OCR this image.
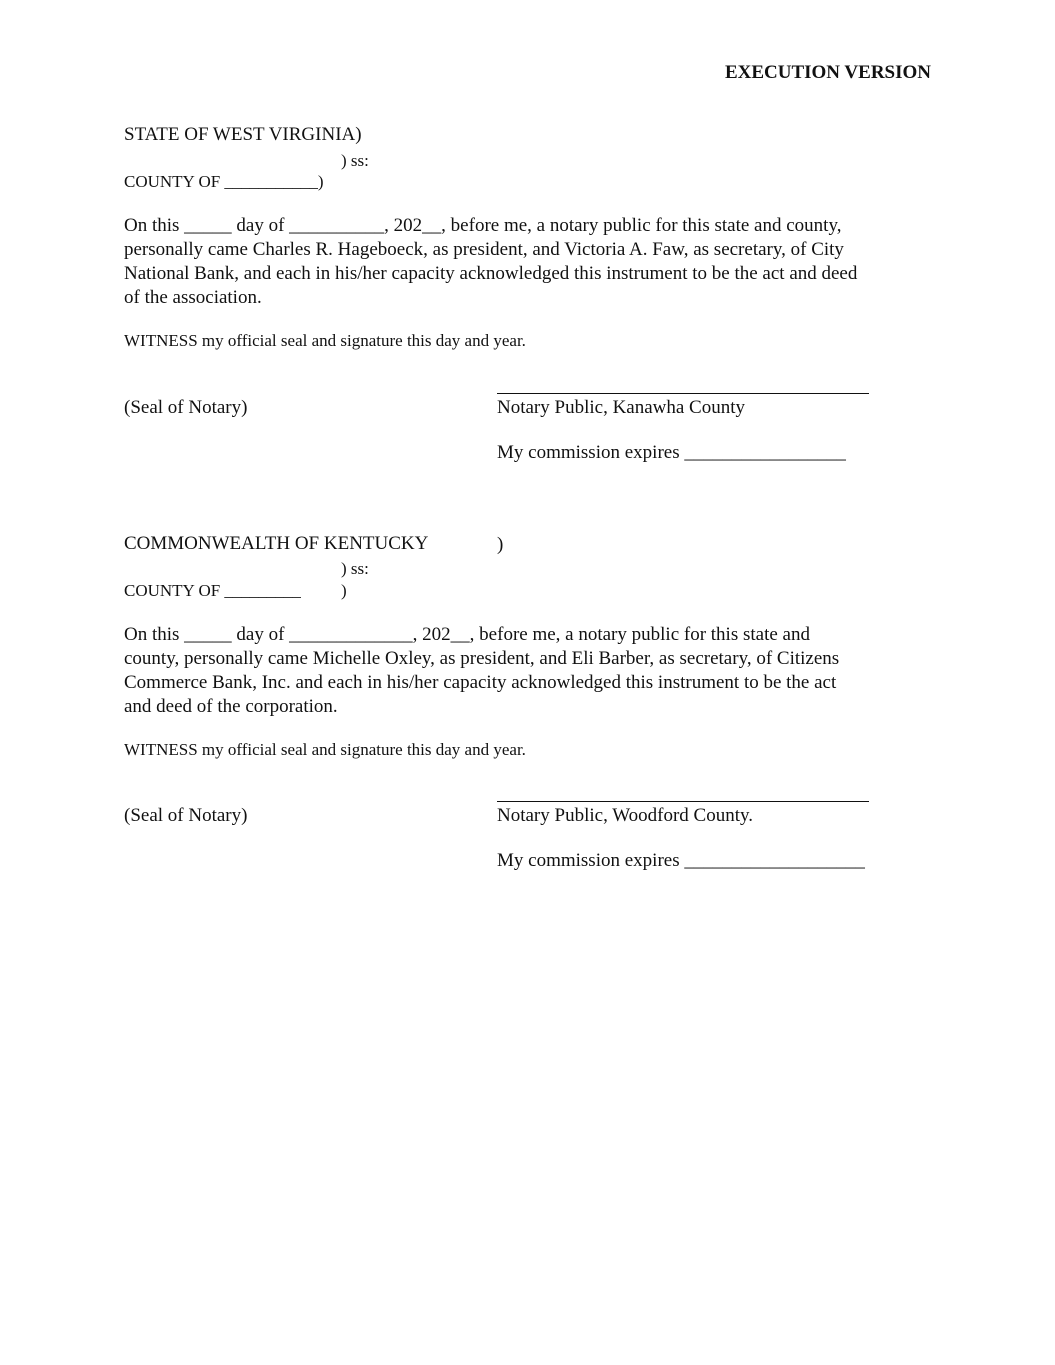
EXECUTION VERSION
STATE OF WEST VIRGINIA)
) ss:
COUNTY OF ___________)
On this _____ day of __________, 202__, before me, a notary public for this state and county,
personally came Charles R. Hageboeck, as president, and Victoria A. Faw, as secretary, of City
National Bank, and each in his/her capacity acknowledged this instrument to be the act and deed
of the association.
WITNESS my official seal and signature this day and year.
(Seal of Notary)	Notary Public, Kanawha County
My commission expires _________________
COMMONWEALTH OF KENTUCKY	)
) ss:
COUNTY OF _________ )
On this _____ day of _____________, 202__, before me, a notary public for this state and
county, personally came Michelle Oxley, as president, and Eli Barber, as secretary, of Citizens
Commerce Bank, Inc. and each in his/her capacity acknowledged this instrument to be the act
and deed of the corporation.
WITNESS my official seal and signature this day and year.
(Seal of Notary)	Notary Public, Woodford County.
My commission expires ___________________
